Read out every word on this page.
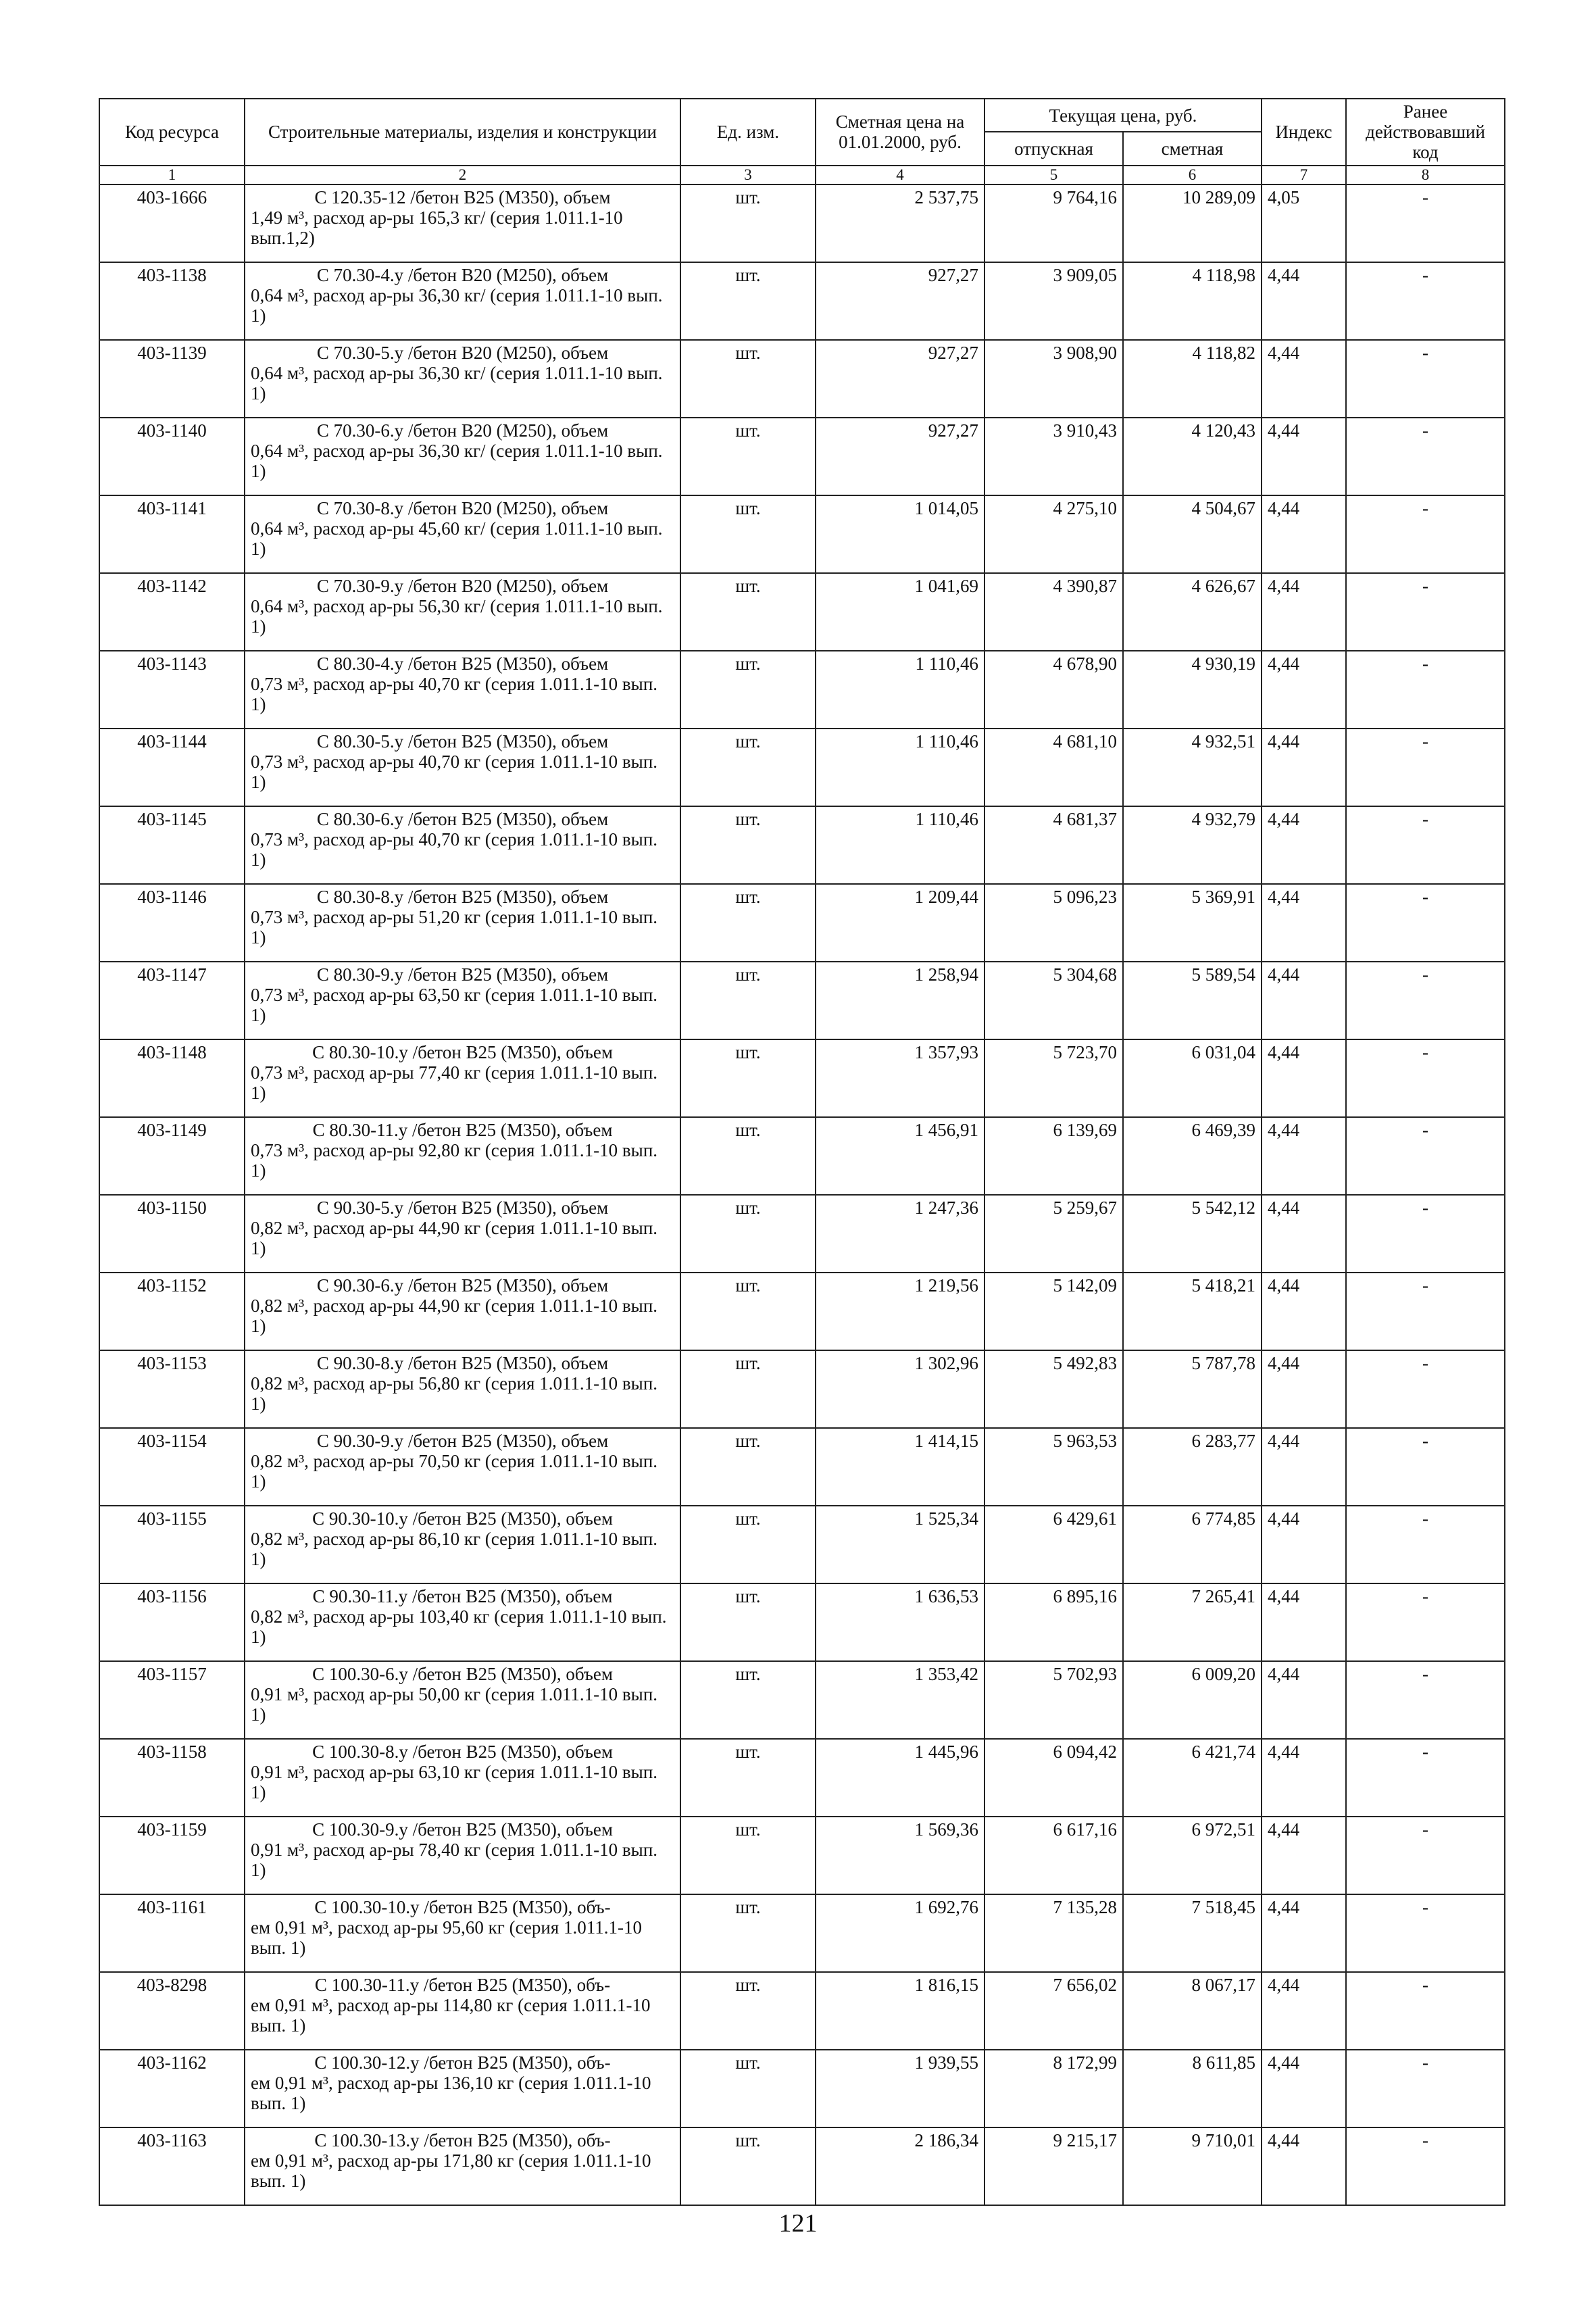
Код ресурса	Строительные материалы, изделия и конструкции	Ед. изм.	Сметная цена на 01.01.2000, руб.	Текущая цена, руб.		Индекс	Ранее действовавший код
				отпускная	сметная		
1	2	3	4	5	6	7	8
403-1666	С 120.35-12 /бетон B25 (M350), объем
1,49 м³, расход ар-ры 165,3 кг/ (серия 1.011.1-10 вып.1,2)	шт.	2 537,75	9 764,16	10 289,09	4,05	-
403-1138	С 70.30-4.у /бетон B20 (M250), объем
0,64 м³, расход ар-ры 36,30 кг/ (серия 1.011.1-10 вып. 1)	шт.	927,27	3 909,05	4 118,98	4,44	-
403-1139	С 70.30-5.у /бетон B20 (M250), объем
0,64 м³, расход ар-ры 36,30 кг/ (серия 1.011.1-10 вып. 1)	шт.	927,27	3 908,90	4 118,82	4,44	-
403-1140	С 70.30-6.у /бетон B20 (M250), объем
0,64 м³, расход ар-ры 36,30 кг/ (серия 1.011.1-10 вып. 1)	шт.	927,27	3 910,43	4 120,43	4,44	-
403-1141	С 70.30-8.у /бетон B20 (M250), объем
0,64 м³, расход ар-ры 45,60 кг/ (серия 1.011.1-10 вып. 1)	шт.	1 014,05	4 275,10	4 504,67	4,44	-
403-1142	С 70.30-9.у /бетон B20 (M250), объем
0,64 м³, расход ар-ры 56,30 кг/ (серия 1.011.1-10 вып. 1)	шт.	1 041,69	4 390,87	4 626,67	4,44	-
403-1143	С 80.30-4.у /бетон B25 (M350), объем
0,73 м³, расход ар-ры 40,70 кг (серия 1.011.1-10 вып. 1)	шт.	1 110,46	4 678,90	4 930,19	4,44	-
403-1144	С 80.30-5.у /бетон B25 (M350), объем
0,73 м³, расход ар-ры 40,70 кг (серия 1.011.1-10 вып. 1)	шт.	1 110,46	4 681,10	4 932,51	4,44	-
403-1145	С 80.30-6.у /бетон B25 (M350), объем
0,73 м³, расход ар-ры 40,70 кг (серия 1.011.1-10 вып. 1)	шт.	1 110,46	4 681,37	4 932,79	4,44	-
403-1146	С 80.30-8.у /бетон B25 (M350), объем
0,73 м³, расход ар-ры 51,20 кг (серия 1.011.1-10 вып. 1)	шт.	1 209,44	5 096,23	5 369,91	4,44	-
403-1147	С 80.30-9.у /бетон B25 (M350), объем
0,73 м³, расход ар-ры 63,50 кг (серия 1.011.1-10 вып. 1)	шт.	1 258,94	5 304,68	5 589,54	4,44	-
403-1148	С 80.30-10.у /бетон B25 (M350), объем
0,73 м³, расход ар-ры 77,40 кг (серия 1.011.1-10 вып. 1)	шт.	1 357,93	5 723,70	6 031,04	4,44	-
403-1149	С 80.30-11.у /бетон B25 (M350), объем
0,73 м³, расход ар-ры 92,80 кг (серия 1.011.1-10 вып. 1)	шт.	1 456,91	6 139,69	6 469,39	4,44	-
403-1150	С 90.30-5.у /бетон B25 (M350), объем
0,82 м³, расход ар-ры 44,90 кг (серия 1.011.1-10 вып. 1)	шт.	1 247,36	5 259,67	5 542,12	4,44	-
403-1152	С 90.30-6.у /бетон B25 (M350), объем
0,82 м³, расход ар-ры 44,90 кг (серия 1.011.1-10 вып. 1)	шт.	1 219,56	5 142,09	5 418,21	4,44	-
403-1153	С 90.30-8.у /бетон B25 (M350), объем
0,82 м³, расход ар-ры 56,80 кг (серия 1.011.1-10 вып. 1)	шт.	1 302,96	5 492,83	5 787,78	4,44	-
403-1154	С 90.30-9.у /бетон B25 (M350), объем
0,82 м³, расход ар-ры 70,50 кг (серия 1.011.1-10 вып. 1)	шт.	1 414,15	5 963,53	6 283,77	4,44	-
403-1155	С 90.30-10.у /бетон B25 (M350), объем
0,82 м³, расход ар-ры 86,10 кг (серия 1.011.1-10 вып. 1)	шт.	1 525,34	6 429,61	6 774,85	4,44	-
403-1156	С 90.30-11.у /бетон B25 (M350), объем
0,82 м³, расход ар-ры 103,40 кг (серия 1.011.1-10 вып. 1)	шт.	1 636,53	6 895,16	7 265,41	4,44	-
403-1157	С 100.30-6.у /бетон B25 (M350), объем
0,91 м³, расход ар-ры 50,00 кг (серия 1.011.1-10 вып. 1)	шт.	1 353,42	5 702,93	6 009,20	4,44	-
403-1158	С 100.30-8.у /бетон B25 (M350), объем
0,91 м³, расход ар-ры 63,10 кг (серия 1.011.1-10 вып. 1)	шт.	1 445,96	6 094,42	6 421,74	4,44	-
403-1159	С 100.30-9.у /бетон B25 (M350), объем
0,91 м³, расход ар-ры 78,40 кг (серия 1.011.1-10 вып. 1)	шт.	1 569,36	6 617,16	6 972,51	4,44	-
403-1161	С 100.30-10.у /бетон B25 (M350), объ-
ем 0,91 м³, расход ар-ры 95,60 кг (серия 1.011.1-10 вып. 1)	шт.	1 692,76	7 135,28	7 518,45	4,44	-
403-8298	С 100.30-11.у /бетон B25 (M350), объ-
ем 0,91 м³, расход ар-ры 114,80 кг (серия 1.011.1-10 вып. 1)	шт.	1 816,15	7 656,02	8 067,17	4,44	-
403-1162	С 100.30-12.у /бетон B25 (M350), объ-
ем 0,91 м³, расход ар-ры 136,10 кг (серия 1.011.1-10 вып. 1)	шт.	1 939,55	8 172,99	8 611,85	4,44	-
403-1163	С 100.30-13.у /бетон B25 (M350), объ-
ем 0,91 м³, расход ар-ры 171,80 кг (серия 1.011.1-10 вып. 1)	шт.	2 186,34	9 215,17	9 710,01	4,44	-
121
